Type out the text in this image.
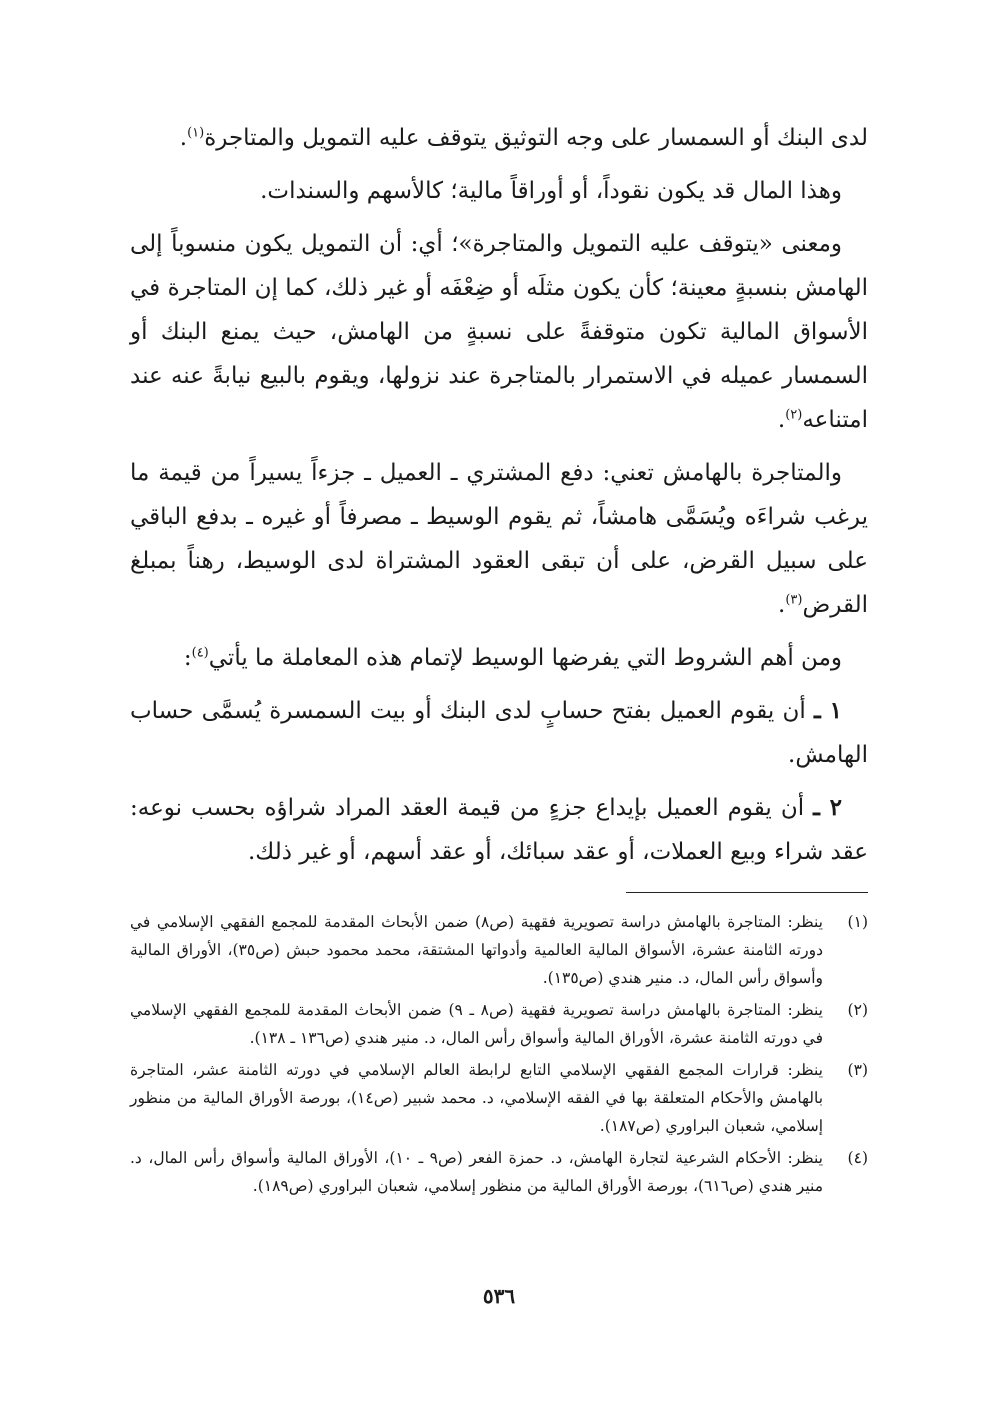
لدى البنك أو السمسار على وجه التوثيق يتوقف عليه التمويل والمتاجرة$^{(١)}$.

وهذا المال قد يكون نقوداً، أو أوراقاً مالية؛ كالأسهم والسندات.

ومعنى «يتوقف عليه التمويل والمتاجرة»؛ أي: أن التمويل يكون منسوباً إلى الهامش بنسبةٍ معينة؛ كأن يكون مثلَه أو ضِعْفَه أو غير ذلك، كما إن المتاجرة في الأسواق المالية تكون متوقفةً على نسبةٍ من الهامش، حيث يمنع البنك أو السمسار عميله في الاستمرار بالمتاجرة عند نزولها، ويقوم بالبيع نيابةً عنه عند امتناعه$^{(٢)}$.

والمتاجرة بالهامش تعني: دفع المشتري ـ العميل ـ جزءاً يسيراً من قيمة ما يرغب شراءَه ويُسَمَّى هامشاً، ثم يقوم الوسيط ـ مصرفاً أو غيره ـ بدفع الباقي على سبيل القرض، على أن تبقى العقود المشتراة لدى الوسيط، رهناً بمبلغ القرض$^{(٣)}$.

ومن أهم الشروط التي يفرضها الوسيط لإتمام هذه المعاملة ما يأتي$^{(٤)}$:

١ ـ أن يقوم العميل بفتح حسابٍ لدى البنك أو بيت السمسرة يُسمَّى حساب الهامش.

٢ ـ أن يقوم العميل بإيداع جزءٍ من قيمة العقد المراد شراؤه بحسب نوعه: عقد شراء وبيع العملات، أو عقد سبائك، أو عقد أسهم، أو غير ذلك.

(١)
ينظر: المتاجرة بالهامش دراسة تصويرية فقهية (ص٨) ضمن الأبحاث المقدمة للمجمع الفقهي الإسلامي في دورته الثامنة عشرة، الأسواق المالية العالمية وأدواتها المشتقة، محمد محمود حبش (ص٣٥)، الأوراق المالية وأسواق رأس المال، د. منير هندي (ص١٣٥).
(٢)
ينظر: المتاجرة بالهامش دراسة تصويرية فقهية (ص٨ ـ ٩) ضمن الأبحاث المقدمة للمجمع الفقهي الإسلامي في دورته الثامنة عشرة، الأوراق المالية وأسواق رأس المال، د. منير هندي (ص١٣٦ ـ ١٣٨).
(٣)
ينظر: قرارات المجمع الفقهي الإسلامي التابع لرابطة العالم الإسلامي في دورته الثامنة عشر، المتاجرة بالهامش والأحكام المتعلقة بها في الفقه الإسلامي، د. محمد شبير (ص١٤)، بورصة الأوراق المالية من منظور إسلامي، شعبان البراوري (ص١٨٧).
(٤)
ينظر: الأحكام الشرعية لتجارة الهامش، د. حمزة الفعر (ص٩ ـ ١٠)، الأوراق المالية وأسواق رأس المال، د. منير هندي (ص٦١٦)، بورصة الأوراق المالية من منظور إسلامي، شعبان البراوري (ص١٨٩).
٥٣٦
